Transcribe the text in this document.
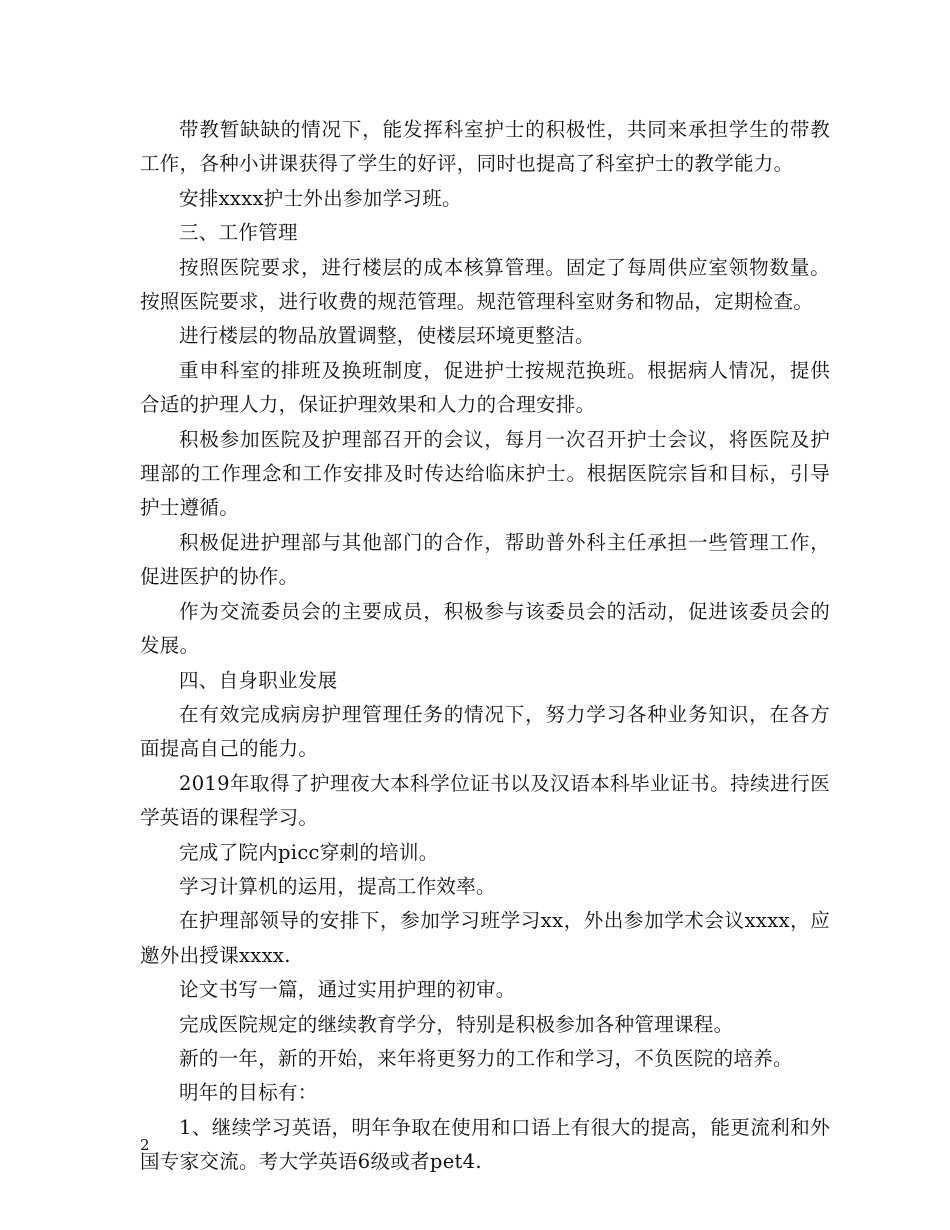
带教暂缺缺的情况下，能发挥科室护士的积极性，共同来承担学生的带教工作，各种小讲课获得了学生的好评，同时也提高了科室护士的教学能力。

安排xxxx护士外出参加学习班。

三、工作管理

按照医院要求，进行楼层的成本核算管理。固定了每周供应室领物数量。按照医院要求，进行收费的规范管理。规范管理科室财务和物品，定期检查。

进行楼层的物品放置调整，使楼层环境更整洁。

重申科室的排班及换班制度，促进护士按规范换班。根据病人情况，提供合适的护理人力，保证护理效果和人力的合理安排。

积极参加医院及护理部召开的会议，每月一次召开护士会议，将医院及护理部的工作理念和工作安排及时传达给临床护士。根据医院宗旨和目标，引导护士遵循。

积极促进护理部与其他部门的合作，帮助普外科主任承担一些管理工作，促进医护的协作。

作为交流委员会的主要成员，积极参与该委员会的活动，促进该委员会的发展。

四、自身职业发展

在有效完成病房护理管理任务的情况下，努力学习各种业务知识，在各方面提高自己的能力。

2019年取得了护理夜大本科学位证书以及汉语本科毕业证书。持续进行医学英语的课程学习。

完成了院内picc穿刺的培训。

学习计算机的运用，提高工作效率。

在护理部领导的安排下，参加学习班学习xx，外出参加学术会议xxxx，应邀外出授课xxxx.

论文书写一篇，通过实用护理的初审。

完成医院规定的继续教育学分，特别是积极参加各种管理课程。

新的一年，新的开始，来年将更努力的工作和学习，不负医院的培养。

明年的目标有：

1、继续学习英语，明年争取在使用和口语上有很大的提高，能更流利和外国专家交流。考大学英语6级或者pet4.

2
